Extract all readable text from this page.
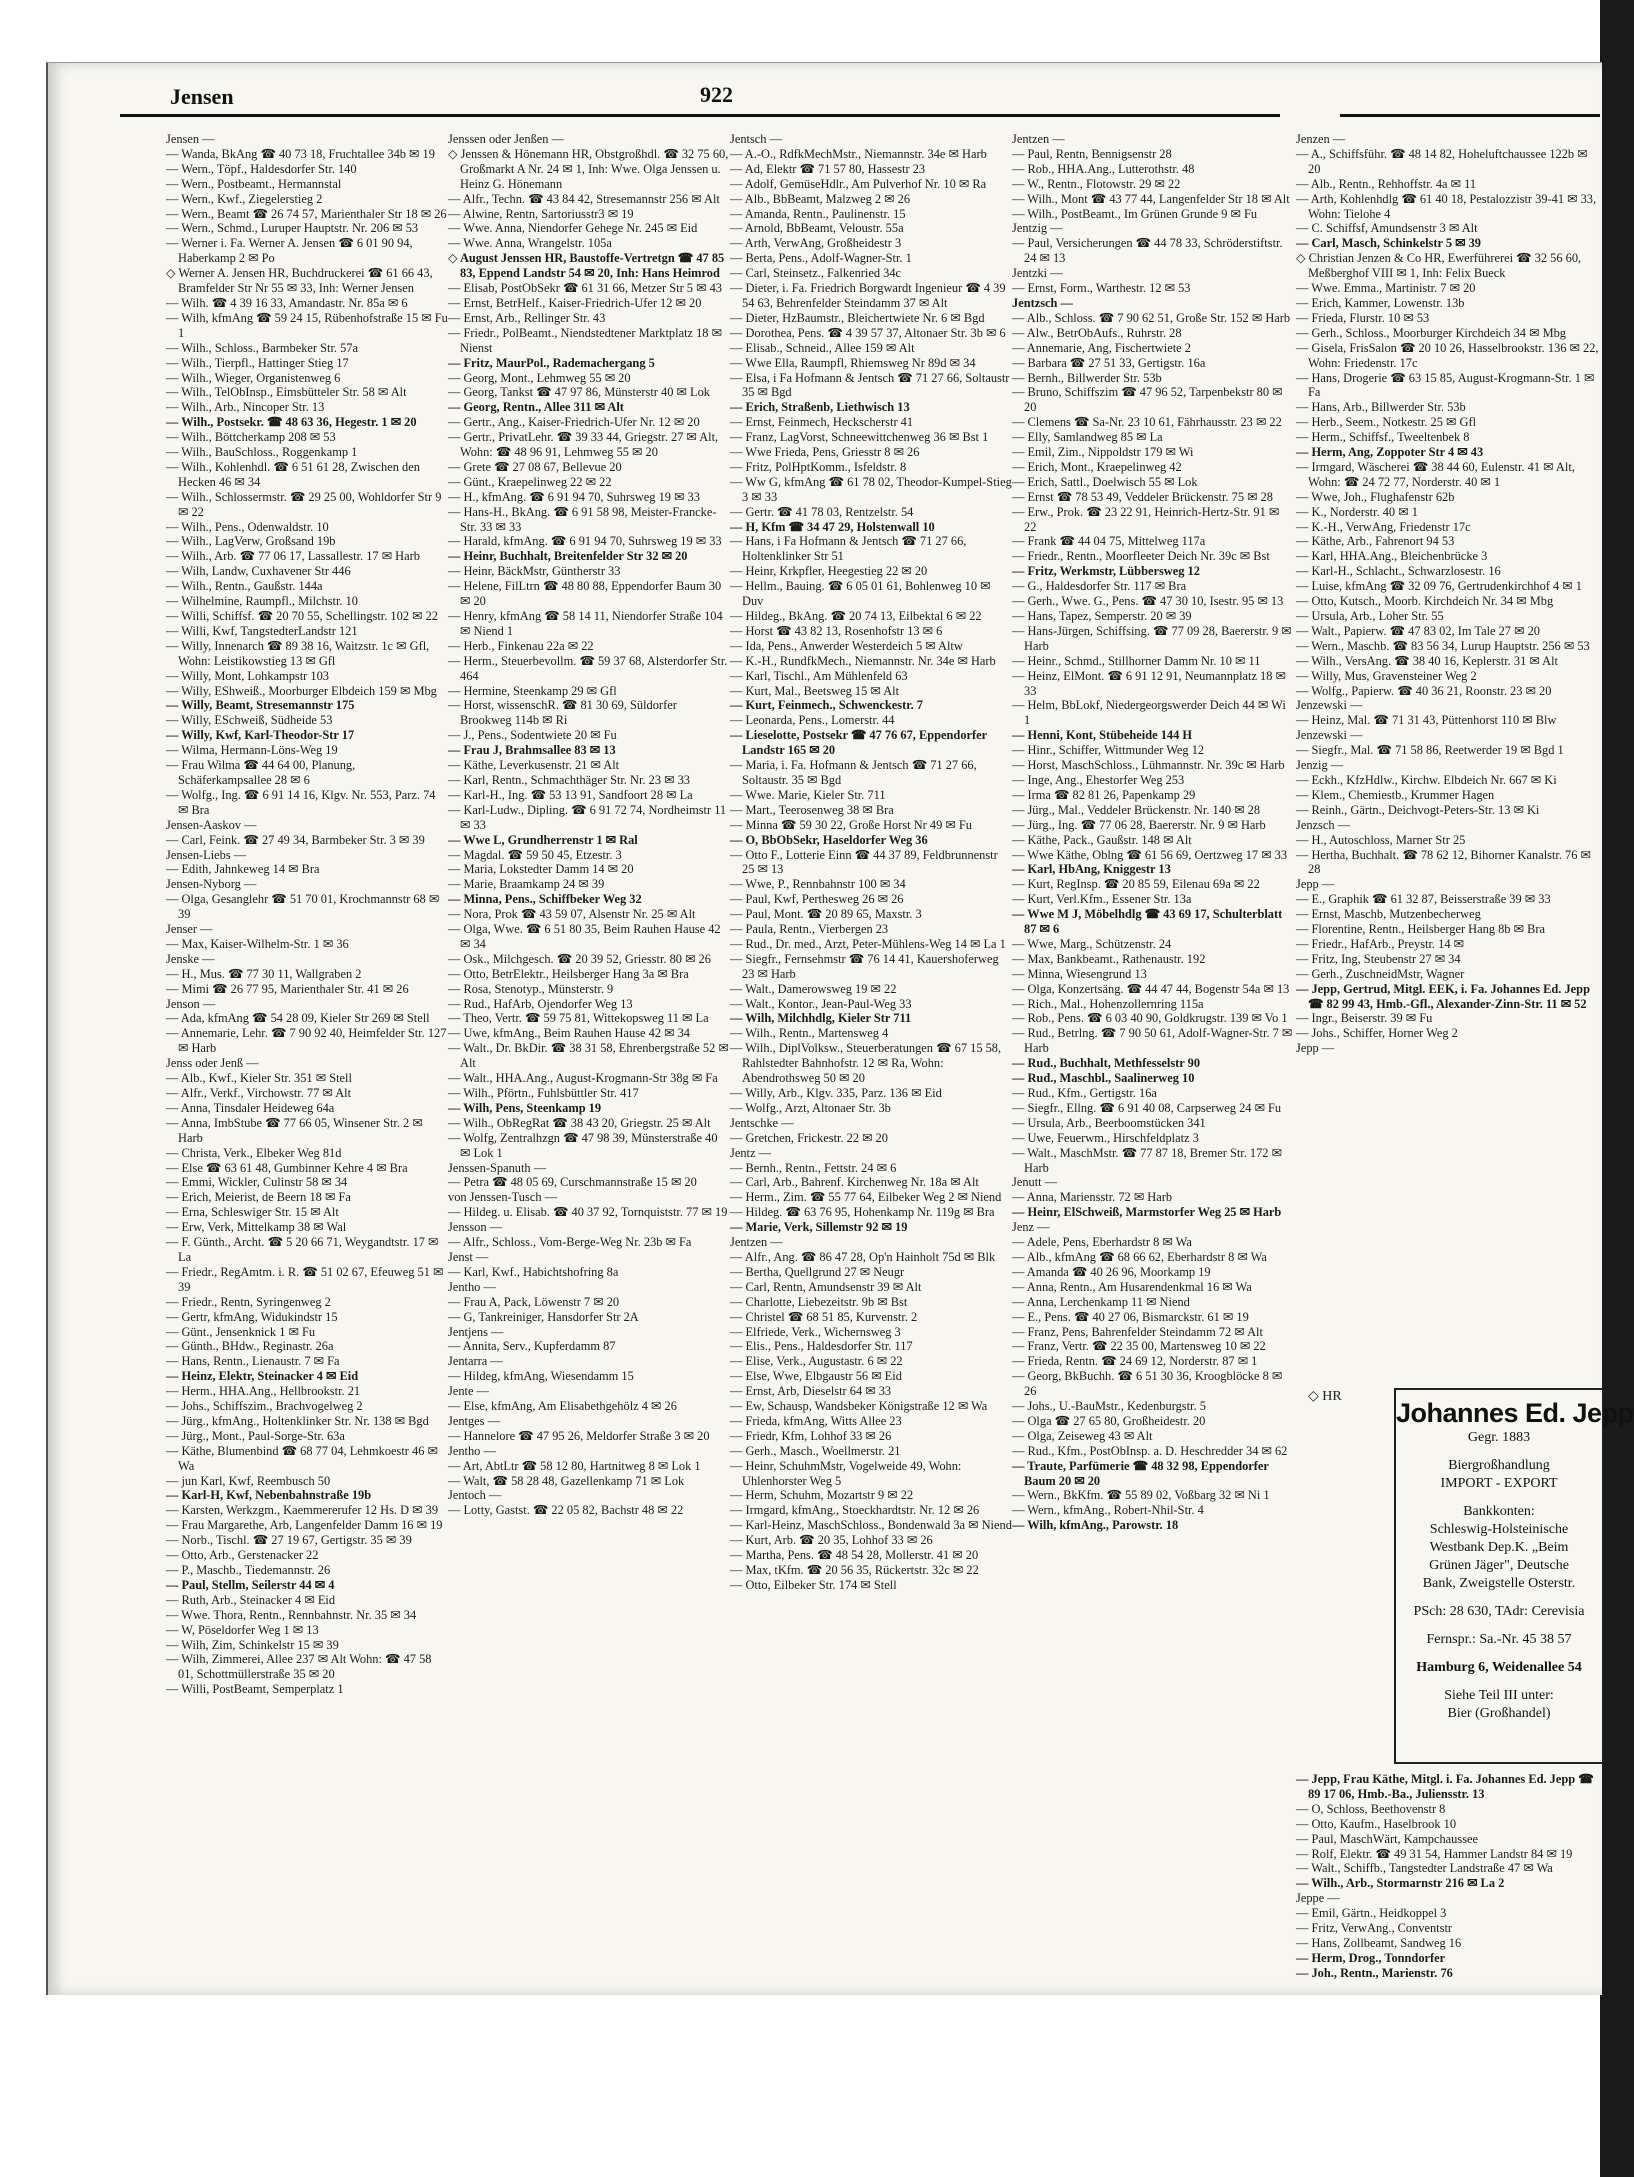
Jensen	922

Jensen —

— Wanda, BkAng ☎ 40 73 18, Fruchtallee 34b ✉ 19

— Wern., Töpf., Haldesdorfer Str. 140

— Wern., Postbeamt., Hermannstal

— Wern., Kwf., Ziegelerstieg 2

— Wern., Beamt ☎ 26 74 57, Marienthaler Str 18 ✉ 26

— Wern., Schmd., Luruper Hauptstr. Nr. 206 ✉ 53

— Werner i. Fa. Werner A. Jensen ☎ 6 01 90 94, Haberkamp 2 ✉ Po

◇ Werner A. Jensen HR, Buchdruckerei ☎ 61 66 43, Bramfelder Str Nr 55 ✉ 33, Inh: Werner Jensen

— Wilh. ☎ 4 39 16 33, Amandastr. Nr. 85a ✉ 6

— Wilh, kfmAng ☎ 59 24 15, Rübenhofstraße 15 ✉ Fu 1

— Wilh., Schloss., Barmbeker Str. 57a

— Wilh., Tierpfl., Hattinger Stieg 17

— Wilh., Wieger, Organistenweg 6

— Wilh., TelObInsp., Eimsbütteler Str. 58 ✉ Alt

— Wilh., Arb., Nincoper Str. 13

— Wilh., Postsekr. ☎ 48 63 36, Hegestr. 1 ✉ 20

— Wilh., Böttcherkamp 208 ✉ 53

— Wilh., BauSchloss., Roggenkamp 1

— Wilh., Kohlenhdl. ☎ 6 51 61 28, Zwischen den Hecken 46 ✉ 34

— Wilh., Schlossermstr. ☎ 29 25 00, Wohldorfer Str 9 ✉ 22

— Wilh., Pens., Odenwaldstr. 10

— Wilh., LagVerw, Großsand 19b

— Wilh., Arb. ☎ 77 06 17, Lassallestr. 17 ✉ Harb

— Wilh, Landw, Cuxhavener Str 446

— Wilh., Rentn., Gaußstr. 144a

— Wilhelmine, Raumpfl., Milchstr. 10

— Willi, Schiffsf. ☎ 20 70 55, Schellingstr. 102 ✉ 22

— Willi, Kwf, TangstedterLandstr 121

— Willy, Innenarch ☎ 89 38 16, Waitzstr. 1c ✉ Gfl, Wohn: Leistikowstieg 13 ✉ Gfl

— Willy, Mont, Lohkampstr 103

— Willy, EShweiß., Moorburger Elbdeich 159 ✉ Mbg

— Willy, Beamt, Stresemannstr 175

— Willy, ESchweiß, Südheide 53

— Willy, Kwf, Karl-Theodor-Str 17

— Wilma, Hermann-Löns-Weg 19

— Frau Wilma ☎ 44 64 00, Planung, Schäferkampsallee 28 ✉ 6

— Wolfg., Ing. ☎ 6 91 14 16, Klgv. Nr. 553, Parz. 74 ✉ Bra

Jensen-Aaskov —

— Carl, Feink. ☎ 27 49 34, Barmbeker Str. 3 ✉ 39

Jensen-Liebs —

— Edith, Jahnkeweg 14 ✉ Bra

Jensen-Nyborg —

— Olga, Gesanglehr ☎ 51 70 01, Krochmannstr 68 ✉ 39

Jenser —

— Max, Kaiser-Wilhelm-Str. 1 ✉ 36

Jenske —

— H., Mus. ☎ 77 30 11, Wallgraben 2

— Mimi ☎ 26 77 95, Marienthaler Str. 41 ✉ 26

Jenson —

— Ada, kfmAng ☎ 54 28 09, Kieler Str 269 ✉ Stell

— Annemarie, Lehr. ☎ 7 90 92 40, Heimfelder Str. 127 ✉ Harb

Jenss oder Jenß —

— Alb., Kwf., Kieler Str. 351 ✉ Stell

— Alfr., Verkf., Virchowstr. 77 ✉ Alt

— Anna, Tinsdaler Heideweg 64a

— Anna, ImbStube ☎ 77 66 05, Winsener Str. 2 ✉ Harb

— Christa, Verk., Elbeker Weg 81d

— Else ☎ 63 61 48, Gumbinner Kehre 4 ✉ Bra

— Emmi, Wickler, Culinstr 58 ✉ 34

— Erich, Meierist, de Beern 18 ✉ Fa

— Erna, Schleswiger Str. 15 ✉ Alt

— Erw, Verk, Mittelkamp 38 ✉ Wal

— F. Günth., Archt. ☎ 5 20 66 71, Weygandtstr. 17 ✉ La

— Friedr., RegAmtm. i. R. ☎ 51 02 67, Efeuweg 51 ✉ 39

— Friedr., Rentn, Syringenweg 2

— Gertr, kfmAng, Widukindstr 15

— Günt., Jensenknick 1 ✉ Fu

— Günth., BHdw., Reginastr. 26a

— Hans, Rentn., Lienaustr. 7 ✉ Fa

— Heinz, Elektr, Steinacker 4 ✉ Eid

— Herm., HHA.Ang., Hellbrookstr. 21

— Johs., Schiffszim., Brachvogelweg 2

— Jürg., kfmAng., Holtenklinker Str. Nr. 138 ✉ Bgd

— Jürg., Mont., Paul-Sorge-Str. 63a

— Käthe, Blumenbind ☎ 68 77 04, Lehmkoestr 46 ✉ Wa

— jun Karl, Kwf, Reembusch 50

— Karl-H, Kwf, Nebenbahnstraße 19b

— Karsten, Werkzgm., Kaemmererufer 12 Hs. D ✉ 39

— Frau Margarethe, Arb, Langenfelder Damm 16 ✉ 19

— Norb., Tischl. ☎ 27 19 67, Gertigstr. 35 ✉ 39

— Otto, Arb., Gerstenacker 22

— P., Maschb., Tiedemannstr. 26

— Paul, Stellm, Seilerstr 44 ✉ 4

— Ruth, Arb., Steinacker 4 ✉ Eid

— Wwe. Thora, Rentn., Rennbahnstr. Nr. 35 ✉ 34

— W, Pöseldorfer Weg 1 ✉ 13

— Wilh, Zim, Schinkelstr 15 ✉ 39

— Wilh, Zimmerei, Allee 237 ✉ Alt Wohn: ☎ 47 58 01, Schottmüllerstraße 35 ✉ 20

— Willi, PostBeamt, Semperplatz 1

Jenssen oder Jenßen —

◇ Jenssen & Hönemann HR, Obstgroßhdl. ☎ 32 75 60, Großmarkt A Nr. 24 ✉ 1, Inh: Wwe. Olga Jenssen u. Heinz G. Hönemann

— Alfr., Techn. ☎ 43 84 42, Stresemannstr 256 ✉ Alt

— Alwine, Rentn, Sartoriusstr3 ✉ 19

— Wwe. Anna, Niendorfer Gehege Nr. 245 ✉ Eid

— Wwe. Anna, Wrangelstr. 105a

◇ August Jenssen HR, Baustoffe-Vertretgn ☎ 47 85 83, Eppend Landstr 54 ✉ 20, Inh: Hans Heimrod

— Elisab, PostObSekr ☎ 61 31 66, Metzer Str 5 ✉ 43

— Ernst, BetrHelf., Kaiser-Friedrich-Ufer 12 ✉ 20

— Ernst, Arb., Rellinger Str. 43

— Friedr., PolBeamt., Niendstedtener Marktplatz 18 ✉ Nienst

— Fritz, MaurPol., Rademachergang 5

— Georg, Mont., Lehmweg 55 ✉ 20

— Georg, Tankst ☎ 47 97 86, Münsterstr 40 ✉ Lok

— Georg, Rentn., Allee 311 ✉ Alt

— Gertr., Ang., Kaiser-Friedrich-Ufer Nr. 12 ✉ 20

— Gertr., PrivatLehr. ☎ 39 33 44, Griegstr. 27 ✉ Alt, Wohn: ☎ 48 96 91, Lehmweg 55 ✉ 20

— Grete ☎ 27 08 67, Bellevue 20

— Günt., Kraepelinweg 22 ✉ 22

— H., kfmAng. ☎ 6 91 94 70, Suhrsweg 19 ✉ 33

— Hans-H., BkAng. ☎ 6 91 58 98, Meister-Francke-Str. 33 ✉ 33

— Harald, kfmAng. ☎ 6 91 94 70, Suhrsweg 19 ✉ 33

— Heinr, Buchhalt, Breitenfelder Str 32 ✉ 20

— Heinr, BäckMstr, Güntherstr 33

— Helene, FilLtrn ☎ 48 80 88, Eppendorfer Baum 30 ✉ 20

— Henry, kfmAng ☎ 58 14 11, Niendorfer Straße 104 ✉ Niend 1

— Herb., Finkenau 22a ✉ 22

— Herm., Steuerbevollm. ☎ 59 37 68, Alsterdorfer Str. 464

— Hermine, Steenkamp 29 ✉ Gfl

— Horst, wissenschR. ☎ 81 30 69, Süldorfer Brookweg 114b ✉ Ri

— J., Pens., Sodentwiete 20 ✉ Fu

— Frau J, Brahmsallee 83 ✉ 13

— Käthe, Leverkusenstr. 21 ✉ Alt

— Karl, Rentn., Schmachthäger Str. Nr. 23 ✉ 33

— Karl-H., Ing. ☎ 53 13 91, Sandfoort 28 ✉ La

— Karl-Ludw., Dipling. ☎ 6 91 72 74, Nordheimstr 11 ✉ 33

— Wwe L, Grundherrenstr 1 ✉ Ral

— Magdal. ☎ 59 50 45, Etzestr. 3

— Maria, Lokstedter Damm 14 ✉ 20

— Marie, Braamkamp 24 ✉ 39

— Minna, Pens., Schiffbeker Weg 32

— Nora, Prok ☎ 43 59 07, Alsenstr Nr. 25 ✉ Alt

— Olga, Wwe. ☎ 6 51 80 35, Beim Rauhen Hause 42 ✉ 34

— Osk., Milchgesch. ☎ 20 39 52, Griesstr. 80 ✉ 26

— Otto, BetrElektr., Heilsberger Hang 3a ✉ Bra

— Rosa, Stenotyp., Münsterstr. 9

— Rud., HafArb, Ojendorfer Weg 13

— Theo, Vertr. ☎ 59 75 81, Wittekopsweg 11 ✉ La

— Uwe, kfmAng., Beim Rauhen Hause 42 ✉ 34

— Walt., Dr. BkDir. ☎ 38 31 58, Ehrenbergstraße 52 ✉ Alt

— Walt., HHA.Ang., August-Krogmann-Str 38g ✉ Fa

— Wilh., Pförtn., Fuhlsbüttler Str. 417

— Wilh, Pens, Steenkamp 19

— Wilh., ObRegRat ☎ 38 43 20, Griegstr. 25 ✉ Alt

— Wolfg, Zentralhzgn ☎ 47 98 39, Münsterstraße 40 ✉ Lok 1

Jenssen-Spanuth —

— Petra ☎ 48 05 69, Curschmannstraße 15 ✉ 20

von Jenssen-Tusch —

— Hildeg. u. Elisab. ☎ 40 37 92, Tornquiststr. 77 ✉ 19

Jensson —

— Alfr., Schloss., Vom-Berge-Weg Nr. 23b ✉ Fa

Jenst —

— Karl, Kwf., Habichtshofring 8a

Jentho —

— Frau A, Pack, Löwenstr 7 ✉ 20

— G, Tankreiniger, Hansdorfer Str 2A

Jentjens —

— Annita, Serv., Kupferdamm 87

Jentarra —

— Hildeg, kfmAng, Wiesendamm 15

Jente —

— Else, kfmAng, Am Elisabethgehölz 4 ✉ 26

Jentges —

— Hannelore ☎ 47 95 26, Meldorfer Straße 3 ✉ 20

Jentho —

— Art, AbtLtr ☎ 58 12 80, Hartnitweg 8 ✉ Lok 1

— Walt, ☎ 58 28 48, Gazellenkamp 71 ✉ Lok

Jentoch —

— Lotty, Gastst. ☎ 22 05 82, Bachstr 48 ✉ 22

Jentsch —

— A.-O., RdfkMechMstr., Niemannstr. 34e ✉ Harb

— Ad, Elektr ☎ 71 57 80, Hassestr 23

— Adolf, GemüseHdlr., Am Pulverhof Nr. 10 ✉ Ra

— Alb., BbBeamt, Malzweg 2 ✉ 26

— Amanda, Rentn., Paulinenstr. 15

— Arnold, BbBeamt, Veloustr. 55a

— Arth, VerwAng, Großheidestr 3

— Berta, Pens., Adolf-Wagner-Str. 1

— Carl, Steinsetz., Falkenried 34c

— Dieter, i. Fa. Friedrich Borgwardt Ingenieur ☎ 4 39 54 63, Behrenfelder Steindamm 37 ✉ Alt

— Dieter, HzBaumstr., Bleichertwiete Nr. 6 ✉ Bgd

— Dorothea, Pens. ☎ 4 39 57 37, Altonaer Str. 3b ✉ 6

— Elisab., Schneid., Allee 159 ✉ Alt

— Wwe Ella, Raumpfl, Rhiemsweg Nr 89d ✉ 34

— Elsa, i Fa Hofmann & Jentsch ☎ 71 27 66, Soltaustr 35 ✉ Bgd

— Erich, Straßenb, Liethwisch 13

— Ernst, Feinmech, Heckscherstr 41

— Franz, LagVorst, Schneewittchenweg 36 ✉ Bst 1

— Wwe Frieda, Pens, Griesstr 8 ✉ 26

— Fritz, PolHptKomm., Isfeldstr. 8

— Ww G, kfmAng ☎ 61 78 02, Theodor-Kumpel-Stieg 3 ✉ 33

— Gertr. ☎ 41 78 03, Rentzelstr. 54

— H, Kfm ☎ 34 47 29, Holstenwall 10

— Hans, i Fa Hofmann & Jentsch ☎ 71 27 66, Holtenklinker Str 51

— Heinr, Krkpfler, Heegestieg 22 ✉ 20

— Hellm., Bauing. ☎ 6 05 01 61, Bohlenweg 10 ✉ Duv

— Hildeg., BkAng. ☎ 20 74 13, Eilbektal 6 ✉ 22

— Horst ☎ 43 82 13, Rosenhofstr 13 ✉ 6

— Ida, Pens., Anwerder Westerdeich 5 ✉ Altw

— K.-H., RundfkMech., Niemannstr. Nr. 34e ✉ Harb

— Karl, Tischl., Am Mühlenfeld 63

— Kurt, Mal., Beetsweg 15 ✉ Alt

— Kurt, Feinmech., Schwenckestr. 7

— Leonarda, Pens., Lomerstr. 44

— Lieselotte, Postsekr ☎ 47 76 67, Eppendorfer Landstr 165 ✉ 20

— Maria, i. Fa. Hofmann & Jentsch ☎ 71 27 66, Soltaustr. 35 ✉ Bgd

— Wwe. Marie, Kieler Str. 711

— Mart., Teerosenweg 38 ✉ Bra

— Minna ☎ 59 30 22, Große Horst Nr 49 ✉ Fu

— O, BbObSekr, Haseldorfer Weg 36

— Otto F., Lotterie Einn ☎ 44 37 89, Feldbrunnenstr 25 ✉ 13

— Wwe, P., Rennbahnstr 100 ✉ 34

— Paul, Kwf, Perthesweg 26 ✉ 26

— Paul, Mont. ☎ 20 89 65, Maxstr. 3

— Paula, Rentn., Vierbergen 23

— Rud., Dr. med., Arzt, Peter-Mühlens-Weg 14 ✉ La 1

— Siegfr., Fernsehmstr ☎ 76 14 41, Kauershoferweg 23 ✉ Harb

— Walt., Damerowsweg 19 ✉ 22

— Walt., Kontor., Jean-Paul-Weg 33

— Wilh, Milchhdlg, Kieler Str 711

— Wilh., Rentn., Martensweg 4

— Wilh., DiplVolksw., Steuerberatungen ☎ 67 15 58, Rahlstedter Bahnhofstr. 12 ✉ Ra, Wohn: Abendrothsweg 50 ✉ 20

— Willy, Arb., Klgv. 335, Parz. 136 ✉ Eid

— Wolfg., Arzt, Altonaer Str. 3b

Jentschke —

— Gretchen, Frickestr. 22 ✉ 20

Jentz —

— Bernh., Rentn., Fettstr. 24 ✉ 6

— Carl, Arb., Bahrenf. Kirchenweg Nr. 18a ✉ Alt

— Herm., Zim. ☎ 55 77 64, Eilbeker Weg 2 ✉ Niend

— Hildeg. ☎ 63 76 95, Hohenkamp Nr. 119g ✉ Bra

— Marie, Verk, Sillemstr 92 ✉ 19

Jentzen —

— Alfr., Ang. ☎ 86 47 28, Op'n Hainholt 75d ✉ Blk

— Bertha, Quellgrund 27 ✉ Neugr

— Carl, Rentn, Amundsenstr 39 ✉ Alt

— Charlotte, Liebezeitstr. 9b ✉ Bst

— Christel ☎ 68 51 85, Kurvenstr. 2

— Elfriede, Verk., Wichernsweg 3

— Elis., Pens., Haldesdorfer Str. 117

— Elise, Verk., Augustastr. 6 ✉ 22

— Else, Wwe, Elbgaustr 56 ✉ Eid

— Ernst, Arb, Dieselstr 64 ✉ 33

— Ew, Schausp, Wandsbeker Königstraße 12 ✉ Wa

— Frieda, kfmAng, Witts Allee 23

— Friedr, Kfm, Lohhof 33 ✉ 26

— Gerh., Masch., Woellmerstr. 21

— Heinr, SchuhmMstr, Vogelweide 49, Wohn: Uhlenhorster Weg 5

— Herm, Schuhm, Mozartstr 9 ✉ 22

— Irmgard, kfmAng., Stoeckhardtstr. Nr. 12 ✉ 26

— Karl-Heinz, MaschSchloss., Bondenwald 3a ✉ Niend

— Kurt, Arb. ☎ 20 35, Lohhof 33 ✉ 26

— Martha, Pens. ☎ 48 54 28, Mollerstr. 41 ✉ 20

— Max, tKfm. ☎ 20 56 35, Rückertstr. 32c ✉ 22

— Otto, Eilbeker Str. 174 ✉ Stell

Jentzen —

— Paul, Rentn, Bennigsenstr 28

— Rob., HHA.Ang., Lutterothstr. 48

— W., Rentn., Flotowstr. 29 ✉ 22

— Wilh., Mont ☎ 43 77 44, Langenfelder Str 18 ✉ Alt

— Wilh., PostBeamt., Im Grünen Grunde 9 ✉ Fu

Jentzig —

— Paul, Versicherungen ☎ 44 78 33, Schröderstiftstr. 24 ✉ 13

Jentzki —

— Ernst, Form., Warthestr. 12 ✉ 53

Jentzsch —

— Alb., Schloss. ☎ 7 90 62 51, Große Str. 152 ✉ Harb

— Alw., BetrObAufs., Ruhrstr. 28

— Annemarie, Ang, Fischertwiete 2

— Barbara ☎ 27 51 33, Gertigstr. 16a

— Bernh., Billwerder Str. 53b

— Bruno, Schiffszim ☎ 47 96 52, Tarpenbekstr 80 ✉ 20

— Clemens ☎ Sa-Nr. 23 10 61, Fährhausstr. 23 ✉ 22

— Elly, Samlandweg 85 ✉ La

— Emil, Zim., Nippoldstr 179 ✉ Wi

— Erich, Mont., Kraepelinweg 42

— Erich, Sattl., Doelwisch 55 ✉ Lok

— Ernst ☎ 78 53 49, Veddeler Brückenstr. 75 ✉ 28

— Erw., Prok. ☎ 23 22 91, Heinrich-Hertz-Str. 91 ✉ 22

— Frank ☎ 44 04 75, Mittelweg 117a

— Friedr., Rentn., Moorfleeter Deich Nr. 39c ✉ Bst

— Fritz, Werkmstr, Lübbersweg 12

— G., Haldesdorfer Str. 117 ✉ Bra

— Gerh., Wwe. G., Pens. ☎ 47 30 10, Isestr. 95 ✉ 13

— Hans, Tapez, Semperstr. 20 ✉ 39

— Hans-Jürgen, Schiffsing. ☎ 77 09 28, Baererstr. 9 ✉ Harb

— Heinr., Schmd., Stillhorner Damm Nr. 10 ✉ 11

— Heinz, ElMont. ☎ 6 91 12 91, Neumannplatz 18 ✉ 33

— Helm, BbLokf, Niedergeorgswerder Deich 44 ✉ Wi 1

— Henni, Kont, Stübeheide 144 H

— Hinr., Schiffer, Wittmunder Weg 12

— Horst, MaschSchloss., Lühmannstr. Nr. 39c ✉ Harb

— Inge, Ang., Ehestorfer Weg 253

— Irma ☎ 82 81 26, Papenkamp 29

— Jürg., Mal., Veddeler Brückenstr. Nr. 140 ✉ 28

— Jürg., Ing. ☎ 77 06 28, Baererstr. Nr. 9 ✉ Harb

— Käthe, Pack., Gaußstr. 148 ✉ Alt

— Wwe Käthe, Oblng ☎ 61 56 69, Oertzweg 17 ✉ 33

— Karl, HbAng, Kniggestr 13

— Kurt, RegInsp. ☎ 20 85 59, Eilenau 69a ✉ 22

— Kurt, Verl.Kfm., Essener Str. 13a

— Wwe M J, Möbelhdlg ☎ 43 69 17, Schulterblatt 87 ✉ 6

— Wwe, Marg., Schützenstr. 24

— Max, Bankbeamt., Rathenaustr. 192

— Minna, Wiesengrund 13

— Olga, Konzertsäng. ☎ 44 47 44, Bogenstr 54a ✉ 13

— Rich., Mal., Hohenzollernring 115a

— Rob., Pens. ☎ 6 03 40 90, Goldkrugstr. 139 ✉ Vo 1

— Rud., Betrlng. ☎ 7 90 50 61, Adolf-Wagner-Str. 7 ✉ Harb

— Rud., Buchhalt, Methfesselstr 90

— Rud., Maschbl., Saalinerweg 10

— Rud., Kfm., Gertigstr. 16a

— Siegfr., Ellng. ☎ 6 91 40 08, Carpserweg 24 ✉ Fu

— Ursula, Arb., Beerboomstücken 341

— Uwe, Feuerwm., Hirschfeldplatz 3

— Walt., MaschMstr. ☎ 77 87 18, Bremer Str. 172 ✉ Harb

Jenutt —

— Anna, Mariensstr. 72 ✉ Harb

— Heinr, ElSchweiß, Marmstorfer Weg 25 ✉ Harb

Jenz —

— Adele, Pens, Eberhardstr 8 ✉ Wa

— Alb., kfmAng ☎ 68 66 62, Eberhardstr 8 ✉ Wa

— Amanda ☎ 40 26 96, Moorkamp 19

— Anna, Rentn., Am Husarendenkmal 16 ✉ Wa

— Anna, Lerchenkamp 11 ✉ Niend

— E., Pens. ☎ 40 27 06, Bismarckstr. 61 ✉ 19

— Franz, Pens, Bahrenfelder Steindamm 72 ✉ Alt

— Franz, Vertr. ☎ 22 35 00, Martensweg 10 ✉ 22

— Frieda, Rentn. ☎ 24 69 12, Norderstr. 87 ✉ 1

— Georg, BkBuchh. ☎ 6 51 30 36, Kroogblöcke 8 ✉ 26

— Johs., U.-BauMstr., Kedenburgstr. 5

— Olga ☎ 27 65 80, Großheidestr. 20

— Olga, Zeiseweg 43 ✉ Alt

— Rud., Kfm., PostObInsp. a. D. Heschredder 34 ✉ 62

— Traute, Parfümerie ☎ 48 32 98, Eppendorfer Baum 20 ✉ 20

— Wern., BkKfm. ☎ 55 89 02, Voßbarg 32 ✉ Ni 1

— Wern., kfmAng., Robert-Nhil-Str. 4

— Wilh, kfmAng., Parowstr. 18

Jenzen —

— A., Schiffsführ. ☎ 48 14 82, Hoheluftchaussee 122b ✉ 20

— Alb., Rentn., Rehhoffstr. 4a ✉ 11

— Arth, Kohlenhdlg ☎ 61 40 18, Pestalozzistr 39-41 ✉ 33, Wohn: Tielohe 4

— C. Schiffsf, Amundsenstr 3 ✉ Alt

— Carl, Masch, Schinkelstr 5 ✉ 39

◇ Christian Jenzen & Co HR, Ewerführerei ☎ 32 56 60, Meßberghof VIII ✉ 1, Inh: Felix Bueck

— Wwe. Emma., Martinistr. 7 ✉ 20

— Erich, Kammer, Lowenstr. 13b

— Frieda, Flurstr. 10 ✉ 53

— Gerh., Schloss., Moorburger Kirchdeich 34 ✉ Mbg

— Gisela, FrisSalon ☎ 20 10 26, Hasselbrookstr. 136 ✉ 22, Wohn: Friedenstr. 17c

— Hans, Drogerie ☎ 63 15 85, August-Krogmann-Str. 1 ✉ Fa

— Hans, Arb., Billwerder Str. 53b

— Herb., Seem., Notkestr. 25 ✉ Gfl

— Herm., Schiffsf., Tweeltenbek 8

— Herm, Ang, Zoppoter Str 4 ✉ 43

— Irmgard, Wäscherei ☎ 38 44 60, Eulenstr. 41 ✉ Alt, Wohn: ☎ 24 72 77, Norderstr. 40 ✉ 1

— Wwe, Joh., Flughafenstr 62b

— K., Norderstr. 40 ✉ 1

— K.-H., VerwAng, Friedenstr 17c

— Käthe, Arb., Fahrenort 94 53

— Karl, HHA.Ang., Bleichenbrücke 3

— Karl-H., Schlacht., Schwarzlosestr. 16

— Luise, kfmAng ☎ 32 09 76, Gertrudenkirchhof 4 ✉ 1

— Otto, Kutsch., Moorb. Kirchdeich Nr. 34 ✉ Mbg

— Ursula, Arb., Loher Str. 55

— Walt., Papierw. ☎ 47 83 02, Im Tale 27 ✉ 20

— Wern., Maschb. ☎ 83 56 34, Lurup Hauptstr. 256 ✉ 53

— Wilh., VersAng. ☎ 38 40 16, Keplerstr. 31 ✉ Alt

— Willy, Mus, Gravensteiner Weg 2

— Wolfg., Papierw. ☎ 40 36 21, Roonstr. 23 ✉ 20

Jenzewski —

— Heinz, Mal. ☎ 71 31 43, Püttenhorst 110 ✉ Blw

Jenzewski —

— Siegfr., Mal. ☎ 71 58 86, Reetwerder 19 ✉ Bgd 1

Jenzig —

— Eckh., KfzHdlw., Kirchw. Elbdeich Nr. 667 ✉ Ki

— Klem., Chemiestb., Krummer Hagen

— Reinh., Gärtn., Deichvogt-Peters-Str. 13 ✉ Ki

Jenzsch —

— H., Autoschloss, Marner Str 25

— Hertha, Buchhalt. ☎ 78 62 12, Bihorner Kanalstr. 76 ✉ 28

Jepp —

— E., Graphik ☎ 61 32 87, Beisserstraße 39 ✉ 33

— Ernst, Maschb, Mutzenbecherweg

— Florentine, Rentn., Heilsberger Hang 8b ✉ Bra

— Friedr., HafArb., Preystr. 14 ✉

— Fritz, Ing, Steubenstr 27 ✉ 34

— Gerh., ZuschneidMstr, Wagner

— Jepp, Gertrud, Mitgl. EEK, i. Fa. Johannes Ed. Jepp ☎ 82 99 43, Hmb.-Gfl., Alexander-Zinn-Str. 11 ✉ 52

— Ingr., Beiserstr. 39 ✉ Fu

— Johs., Schiffer, Horner Weg 2

Jepp —

◇ HR
Johannes Ed. Jepp
Gegr. 1883
Biergroßhandlung
IMPORT - EXPORT
Bankkonten:
Schleswig-Holsteinische
Westbank Dep.K. „Beim
Grünen Jäger", Deutsche
Bank, Zweigstelle Osterstr.
PSch: 28 630, TAdr: Cerevisia
Fernspr.: Sa.-Nr. 45 38 57
Hamburg 6, Weidenallee 54
Siehe Teil III unter:
Bier (Großhandel)

— Jepp, Frau Käthe, Mitgl. i. Fa. Johannes Ed. Jepp ☎ 89 17 06, Hmb.-Ba., Juliensstr. 13

— O, Schloss, Beethovenstr 8

— Otto, Kaufm., Haselbrook 10

— Paul, MaschWärt, Kampchaussee

— Rolf, Elektr. ☎ 49 31 54, Hammer Landstr 84 ✉ 19

— Walt., Schiffb., Tangstedter Landstraße 47 ✉ Wa

— Wilh., Arb., Stormarnstr 216 ✉ La 2

Jeppe —

— Emil, Gärtn., Heidkoppel 3

— Fritz, VerwAng., Conventstr

— Hans, Zollbeamt, Sandweg 16

— Herm, Drog., Tonndorfer

— Joh., Rentn., Marienstr. 76
